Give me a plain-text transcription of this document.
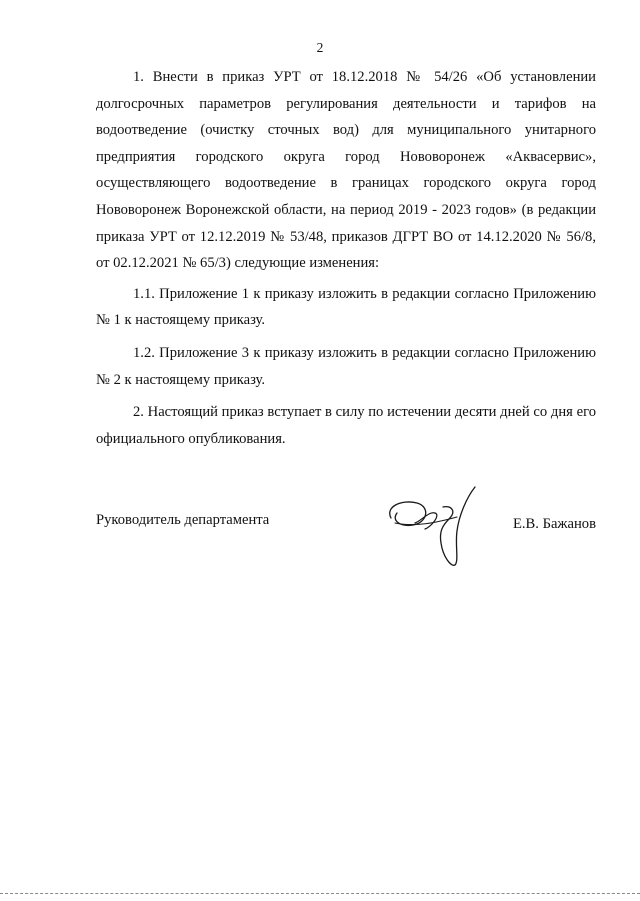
2

1. Внести в приказ УРТ от 18.12.2018 № 54/26 «Об установлении долгосрочных параметров регулирования деятельности и тарифов на водоотведение (очистку сточных вод) для муниципального унитарного предприятия городского округа город Нововоронеж «Аквасервис», осуществляющего водоотведение в границах городского округа город Нововоронеж Воронежской области, на период 2019 - 2023 годов» (в редакции приказа УРТ от 12.12.2019 № 53/48, приказов ДГРТ ВО от 14.12.2020 № 56/8, от 02.12.2021 № 65/3) следующие изменения:

1.1. Приложение 1 к приказу изложить в редакции согласно Приложению № 1 к настоящему приказу.

1.2. Приложение 3 к приказу изложить в редакции согласно Приложению № 2 к настоящему приказу.

2. Настоящий приказ вступает в силу по истечении десяти дней со дня его официального опубликования.

Руководитель департамента	Е.В. Бажанов
